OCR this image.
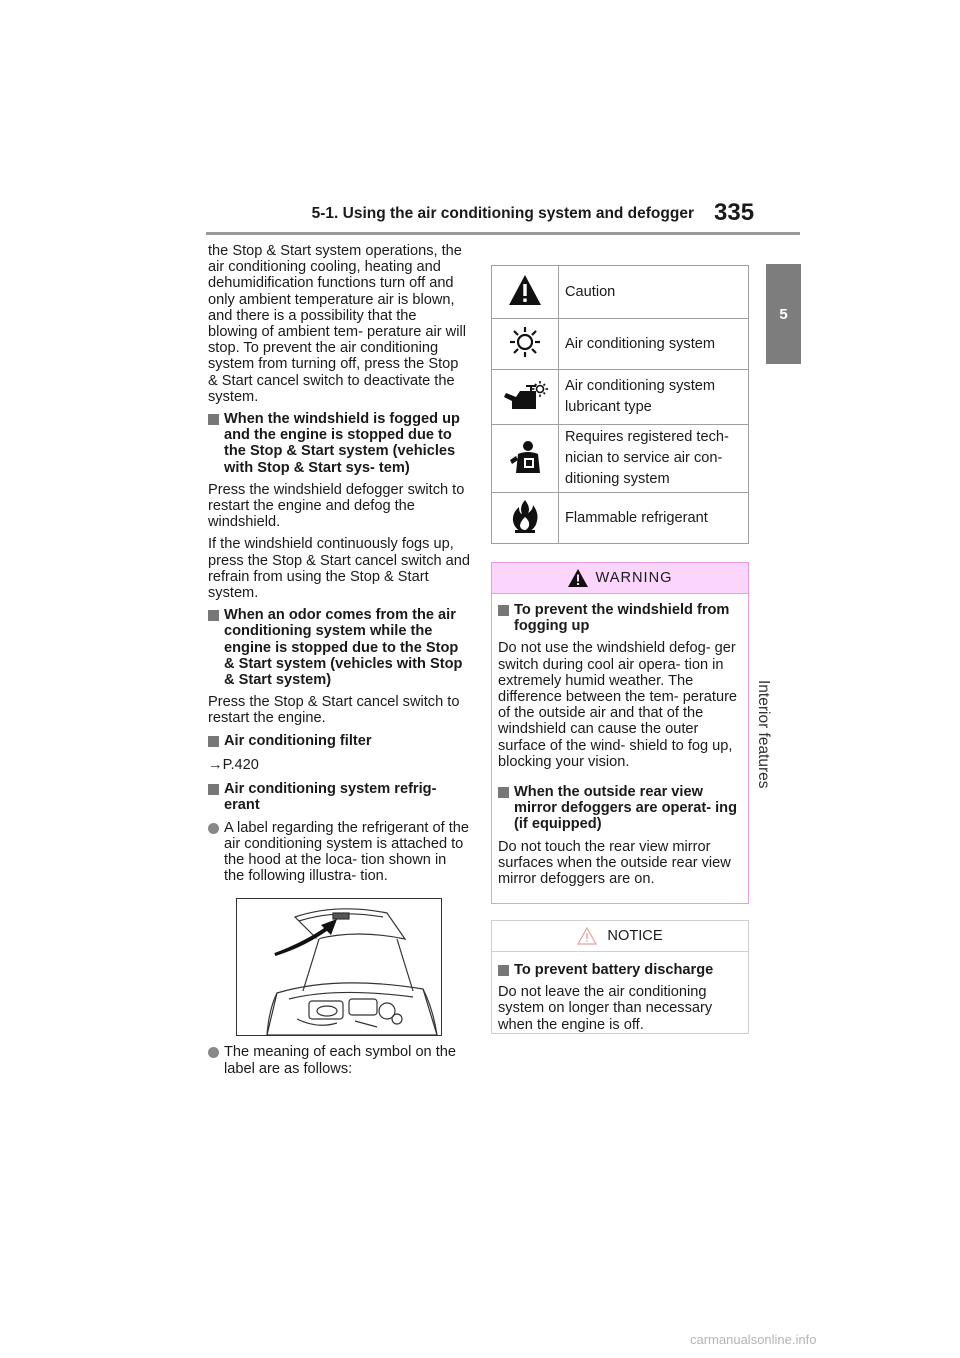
5-1. Using the air conditioning system and defogger 335
5
Interior features

the Stop & Start system operations, the air conditioning cooling, heating and dehumidification functions turn off and only ambient temperature air is blown, and there is a possibility that the blowing of ambient tem- perature air will stop. To prevent the air conditioning system from turning off, press the Stop & Start cancel switch to deactivate the system.

When the windshield is fogged up and the engine is stopped due to the Stop & Start system (vehicles with Stop & Start sys- tem)

Press the windshield defogger switch to restart the engine and defog the windshield.

If the windshield continuously fogs up, press the Stop & Start cancel switch and refrain from using the Stop & Start system.

When an odor comes from the air conditioning system while the engine is stopped due to the Stop & Start system (vehicles with Stop & Start system)

Press the Stop & Start cancel switch to restart the engine.

Air conditioning filter
→P.420
Air conditioning system refrig- erant
A label regarding the refrigerant of the air conditioning system is attached to the hood at the loca- tion shown in the following illustra- tion.
The meaning of each symbol on the label are as follows:
	Caution
	Air conditioning system
	Air conditioning system lubricant type
	Requires registered tech- nician to service air con- ditioning system
	Flammable refrigerant
WARNING
To prevent the windshield from fogging up

Do not use the windshield defog- ger switch during cool air opera- tion in extremely humid weather. The difference between the tem- perature of the outside air and that of the windshield can cause the outer surface of the wind- shield to fog up, blocking your vision.

When the outside rear view mirror defoggers are operat- ing (if equipped)

Do not touch the rear view mirror surfaces when the outside rear view mirror defoggers are on.

NOTICE
To prevent battery discharge

Do not leave the air conditioning system on longer than necessary when the engine is off.

carmanualsonline.info
